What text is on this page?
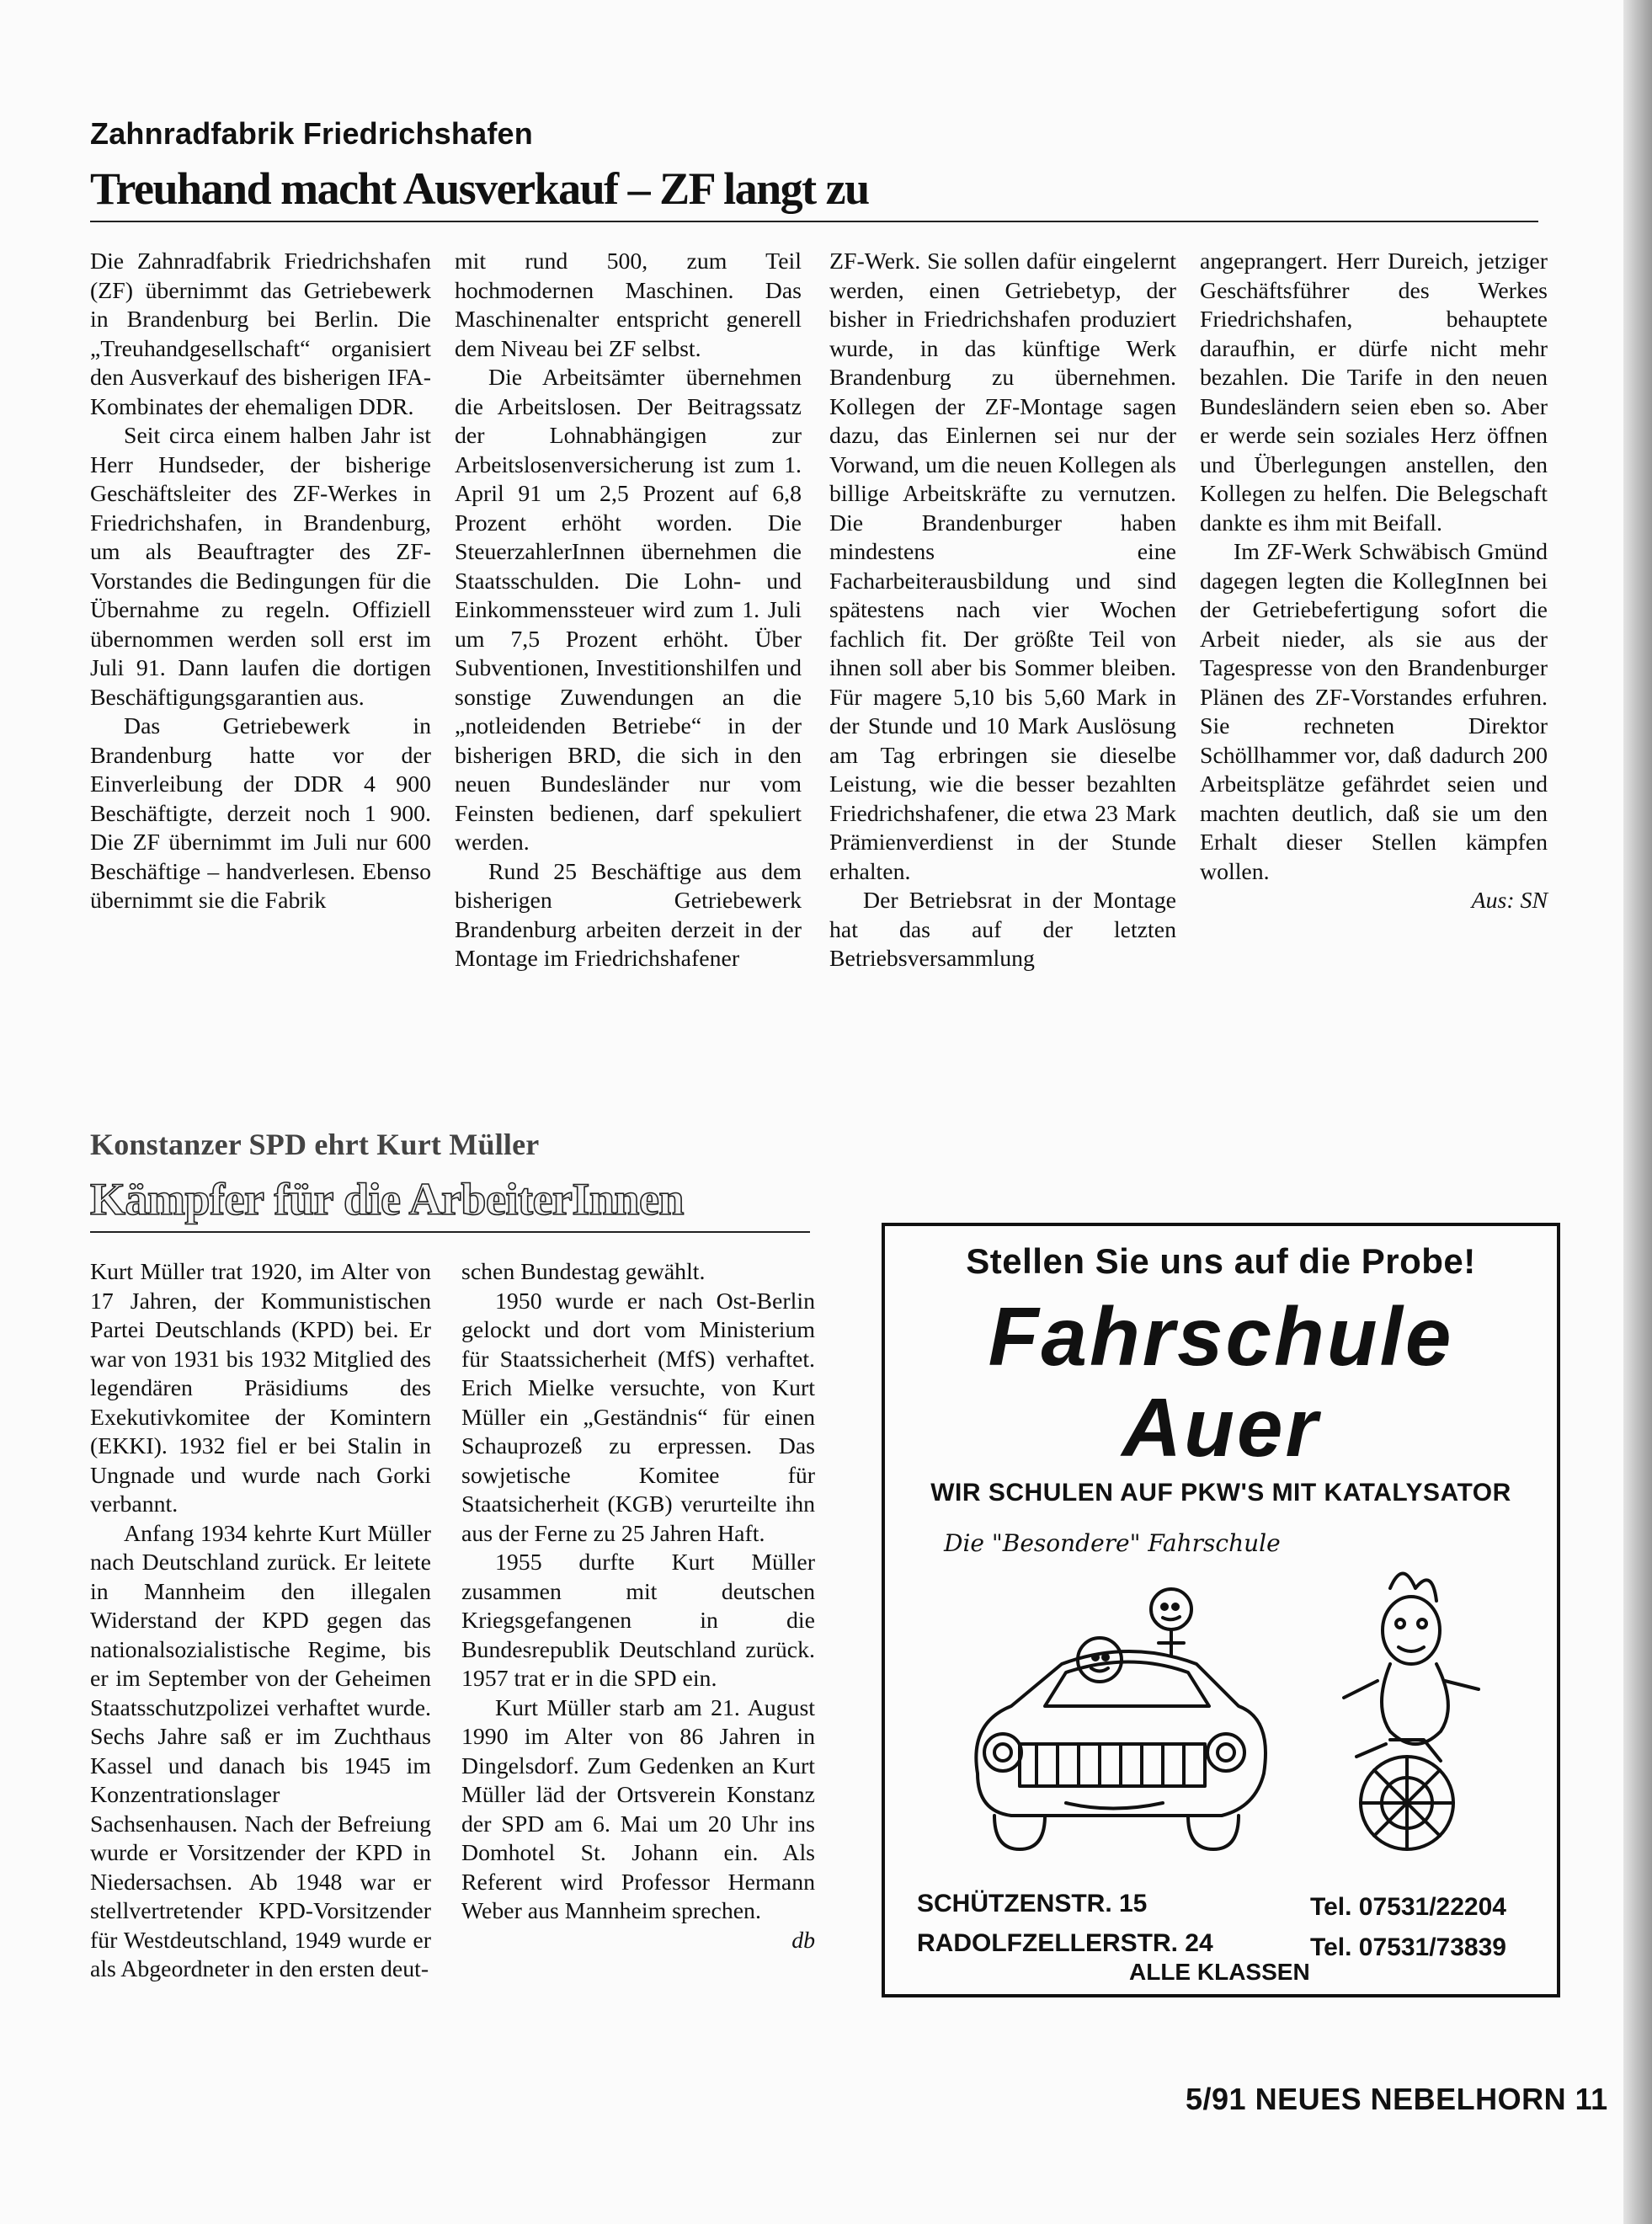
Zahnradfabrik Friedrichshafen
Treuhand macht Ausverkauf – ZF langt zu

Die Zahnradfabrik Friedrichshafen (ZF) übernimmt das Getriebewerk in Brandenburg bei Berlin. Die „Treuhandgesellschaft“ organisiert den Ausverkauf des bisherigen IFA-Kombinates der ehemaligen DDR.

Seit circa einem halben Jahr ist Herr Hundseder, der bisherige Geschäftsleiter des ZF-Werkes in Friedrichshafen, in Brandenburg, um als Beauftragter des ZF-Vorstandes die Bedingungen für die Übernahme zu regeln. Offiziell übernommen werden soll erst im Juli 91. Dann laufen die dortigen Beschäftigungsgarantien aus.

Das Getriebewerk in Brandenburg hatte vor der Einverleibung der DDR 4 900 Beschäftigte, derzeit noch 1 900. Die ZF übernimmt im Juli nur 600 Beschäftige – handverlesen. Ebenso übernimmt sie die Fabrik

mit rund 500, zum Teil hochmodernen Maschinen. Das Maschinenalter entspricht generell dem Niveau bei ZF selbst.

Die Arbeitsämter übernehmen die Arbeitslosen. Der Beitragssatz der Lohnabhängigen zur Arbeitslosenversicherung ist zum 1. April 91 um 2,5 Prozent auf 6,8 Prozent erhöht worden. Die SteuerzahlerInnen übernehmen die Staatsschulden. Die Lohn- und Einkommenssteuer wird zum 1. Juli um 7,5 Prozent erhöht. Über Subventionen, Investitionshilfen und sonstige Zuwendungen an die „notleidenden Betriebe“ in der bisherigen BRD, die sich in den neuen Bundesländer nur vom Feinsten bedienen, darf spekuliert werden.

Rund 25 Beschäftige aus dem bisherigen Getriebewerk Brandenburg arbeiten derzeit in der Montage im Friedrichshafener

ZF-Werk. Sie sollen dafür eingelernt werden, einen Getriebetyp, der bisher in Friedrichshafen produziert wurde, in das künftige Werk Brandenburg zu übernehmen. Kollegen der ZF-Montage sagen dazu, das Einlernen sei nur der Vorwand, um die neuen Kollegen als billige Arbeitskräfte zu vernutzen. Die Brandenburger haben mindestens eine Facharbeiterausbildung und sind spätestens nach vier Wochen fachlich fit. Der größte Teil von ihnen soll aber bis Sommer bleiben. Für magere 5,10 bis 5,60 Mark in der Stunde und 10 Mark Auslösung am Tag erbringen sie dieselbe Leistung, wie die besser bezahlten Friedrichshafener, die etwa 23 Mark Prämienverdienst in der Stunde erhalten.

Der Betriebsrat in der Montage hat das auf der letzten Betriebsversammlung

angeprangert. Herr Dureich, jetziger Geschäftsführer des Werkes Friedrichshafen, behauptete daraufhin, er dürfe nicht mehr bezahlen. Die Tarife in den neuen Bundesländern seien eben so. Aber er werde sein soziales Herz öffnen und Überlegungen anstellen, den Kollegen zu helfen. Die Belegschaft dankte es ihm mit Beifall.

Im ZF-Werk Schwäbisch Gmünd dagegen legten die KollegInnen bei der Getriebefertigung sofort die Arbeit nieder, als sie aus der Tagespresse von den Brandenburger Plänen des ZF-Vorstandes erfuhren. Sie rechneten Direktor Schöllhammer vor, daß dadurch 200 Arbeitsplätze gefährdet seien und machten deutlich, daß sie um den Erhalt dieser Stellen kämpfen wollen.

Aus: SN

Konstanzer SPD ehrt Kurt Müller
Kämpfer für die ArbeiterInnen

Kurt Müller trat 1920, im Alter von 17 Jahren, der Kommunistischen Partei Deutschlands (KPD) bei. Er war von 1931 bis 1932 Mitglied des legendären Präsidiums des Exekutivkomitee der Komintern (EKKI). 1932 fiel er bei Stalin in Ungnade und wurde nach Gorki verbannt.

Anfang 1934 kehrte Kurt Müller nach Deutschland zurück. Er leitete in Mannheim den illegalen Widerstand der KPD gegen das nationalsozialistische Regime, bis er im September von der Geheimen Staatsschutzpolizei verhaftet wurde. Sechs Jahre saß er im Zuchthaus Kassel und danach bis 1945 im Konzentrationslager Sachsenhausen. Nach der Befreiung wurde er Vorsitzender der KPD in Niedersachsen. Ab 1948 war er stellvertretender KPD-Vorsitzender für Westdeutschland, 1949 wurde er als Abgeordneter in den ersten deut-

schen Bundestag gewählt.

1950 wurde er nach Ost-Berlin gelockt und dort vom Ministerium für Staatssicherheit (MfS) verhaftet. Erich Mielke versuchte, von Kurt Müller ein „Geständnis“ für einen Schauprozeß zu erpressen. Das sowjetische Komitee für Staatsicherheit (KGB) verurteilte ihn aus der Ferne zu 25 Jahren Haft.

1955 durfte Kurt Müller zusammen mit deutschen Kriegsgefangenen in die Bundesrepublik Deutschland zurück. 1957 trat er in die SPD ein.

Kurt Müller starb am 21. August 1990 im Alter von 86 Jahren in Dingelsdorf. Zum Gedenken an Kurt Müller läd der Ortsverein Konstanz der SPD am 6. Mai um 20 Uhr ins Domhotel St. Johann ein. Als Referent wird Professor Hermann Weber aus Mannheim sprechen.

db

Stellen Sie uns auf die Probe!
Fahrschule
Auer
WIR SCHULEN AUF PKW'S MIT KATALYSATOR
Die "Besondere" Fahrschule
SCHÜTZENSTR. 15	Tel. 07531/22204
RADOLFZELLERSTR. 24	Tel. 07531/73839
ALLE KLASSEN
5/91 NEUES NEBELHORN 11
